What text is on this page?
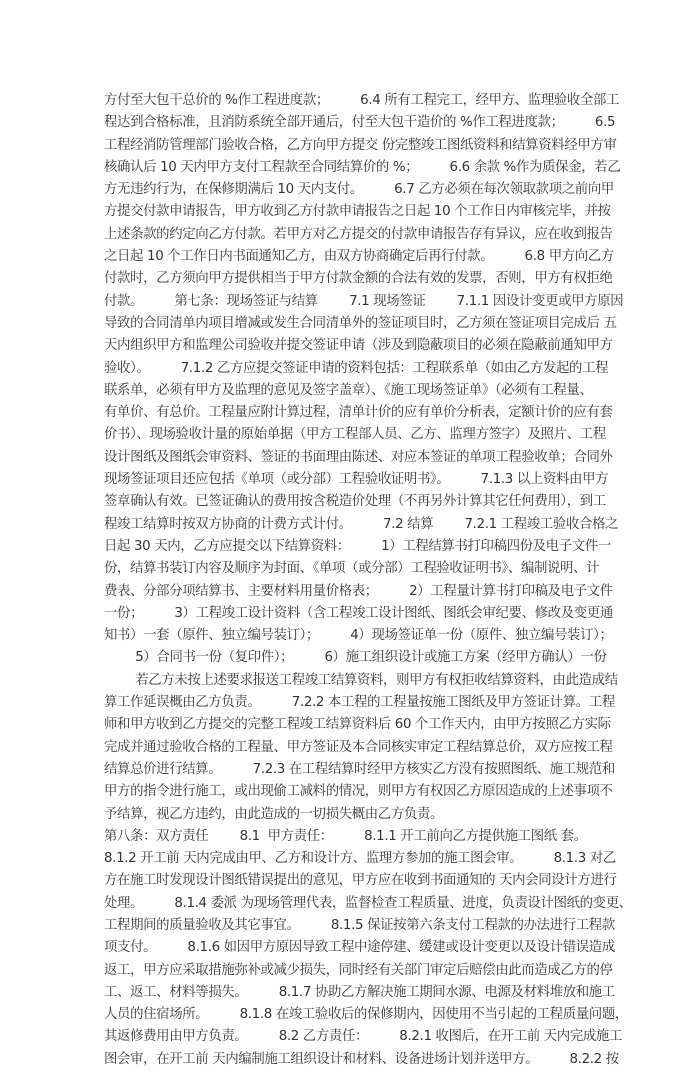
方付至大包干总价的 %作工程进度款；        6.4 所有工程完工，经甲方、监理验收全部工
程达到合格标准，且消防系统全部开通后，付至大包干造价的 %作工程进度款；        6.5
工程经消防管理部门验收合格，乙方向甲方提交 份完整竣工图纸资料和结算资料经甲方审
核确认后 10 天内甲方支付工程款至合同结算价的 %；        6.6 余款 %作为质保金，若乙
方无违约行为，在保修期满后 10 天内支付。        6.7 乙方必须在每次领取款项之前向甲
方提交付款申请报告，甲方收到乙方付款申请报告之日起 10 个工作日内审核完毕，并按
上述条款的约定向乙方付款。若甲方对乙方提交的付款申请报告存有异议，应在收到报告
之日起 10 个工作日内书面通知乙方，由双方协商确定后再行付款。        6.8 甲方向乙方
付款时，乙方须向甲方提供相当于甲方付款金额的合法有效的发票，否则，甲方有权拒绝
付款。        第七条：现场签证与结算        7.1 现场签证        7.1.1 因设计变更或甲方原因
导致的合同清单内项目增减或发生合同清单外的签证项目时，乙方须在签证项目完成后 五
天内组织甲方和监理公司验收并提交签证申请（涉及到隐蔽项目的必须在隐蔽前通知甲方
验收）。        7.1.2 乙方应提交签证申请的资料包括：工程联系单（如由乙方发起的工程
联系单，必须有甲方及监理的意见及签字盖章）、《施工现场签证单》（必须有工程量、
有单价、有总价。工程量应附计算过程，清单计价的应有单价分析表，定额计价的应有套
价书）、现场验收计量的原始单据（甲方工程部人员、乙方、监理方签字）及照片、工程
设计图纸及图纸会审资料、签证的书面理由陈述、对应本签证的单项工程验收单；合同外
现场签证项目还应包括《单项（或分部）工程验收证明书》。        7.1.3 以上资料由甲方
签章确认有效。已签证确认的费用按含税造价处理（不再另外计算其它任何费用），到工
程竣工结算时按双方协商的计费方式计付。        7.2 结算        7.2.1 工程竣工验收合格之
日起 30 天内，乙方应提交以下结算资料：        1）工程结算书打印稿四份及电子文件一
份，结算书装订内容及顺序为封面、《单项（或分部）工程验收证明书》、编制说明、计
费表、分部分项结算书、主要材料用量价格表；        2）工程量计算书打印稿及电子文件
一份；        3）工程竣工设计资料（含工程竣工设计图纸、图纸会审纪要、修改及变更通
知书）一套（原件、独立编号装订）；        4）现场签证单一份（原件、独立编号装订）；
5）合同书一份（复印件）；        6）施工组织设计或施工方案（经甲方确认）一份
若乙方未按上述要求报送工程竣工结算资料，则甲方有权拒收结算资料，由此造成结
算工作延误概由乙方负责。        7.2.2 本工程的工程量按施工图纸及甲方签证计算。工程
师和甲方收到乙方提交的完整工程竣工结算资料后 60 个工作天内，由甲方按照乙方实际
完成并通过验收合格的工程量、甲方签证及本合同核实审定工程结算总价，双方应按工程
结算总价进行结算。        7.2.3 在工程结算时经甲方核实乙方没有按照图纸、施工规范和
甲方的指令进行施工，或出现偷工减料的情况，则甲方有权因乙方原因造成的上述事项不
予结算，视乙方违约，由此造成的一切损失概由乙方负责。
第八条：双方责任        8.1  甲方责任：        8.1.1 开工前向乙方提供施工图纸 套。
8.1.2 开工前 天内完成由甲、乙方和设计方、监理方参加的施工图会审。        8.1.3 对乙
方在施工时发现设计图纸错误提出的意见，甲方应在收到书面通知的 天内会同设计方进行
处理。        8.1.4 委派 为现场管理代表，监督检查工程质量、进度，负责设计图纸的变更、
工程期间的质量验收及其它事宜。        8.1.5 保证按第六条支付工程款的办法进行工程款
项支付。        8.1.6 如因甲方原因导致工程中途停建、缓建或设计变更以及设计错误造成
返工，甲方应采取措施弥补或减少损失，同时经有关部门审定后赔偿由此而造成乙方的停
工、返工、材料等损失。        8.1.7 协助乙方解决施工期间水源、电源及材料堆放和施工
人员的住宿场所。        8.1.8 在竣工验收后的保修期内，因使用不当引起的工程质量问题，
其返修费用由甲方负责。        8.2 乙方责任：        8.2.1 收图后，在开工前 天内完成施工
图会审，在开工前 天内编制施工组织设计和材料、设备进场计划并送甲方。        8.2.2 按
